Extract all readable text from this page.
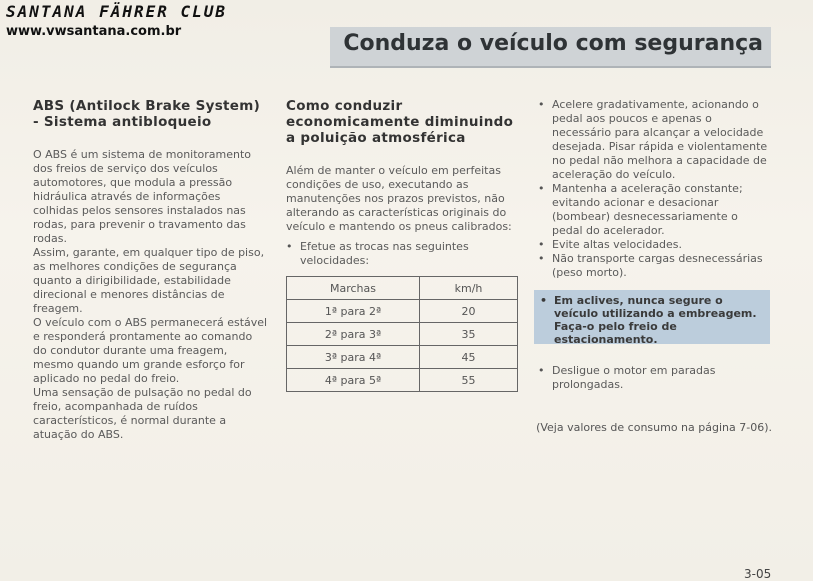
SANTANA FÄHRER CLUB
www.vwsantana.com.br	Conduza o veículo com segurança
ABS (Antilock Brake System) - Sistema antibloqueio

O ABS é um sistema de monitoramento dos freios de serviço dos veículos automotores, que modula a pressão hidráulica através de informações colhidas pelos sensores instalados nas rodas, para prevenir o travamento das rodas.

Assim, garante, em qualquer tipo de piso, as melhores condições de segurança quanto a dirigibilidade, estabilidade direcional e menores distâncias de freagem.

O veículo com o ABS permanecerá estável e responderá prontamente ao comando do condutor durante uma freagem, mesmo quando um grande esforço for aplicado no pedal do freio.

Uma sensação de pulsação no pedal do freio, acompanhada de ruídos característicos, é normal durante a atuação do ABS.

Como conduzir economicamente diminuindo a poluição atmosférica

Além de manter o veículo em perfeitas condições de uso, executando as manutenções nos prazos previstos, não alterando as características originais do veículo e mantendo os pneus calibrados:

• Efetue as trocas nas seguintes velocidades:
Marchas	km/h
1ª para 2ª	20
2ª para 3ª	35
3ª para 4ª	45
4ª para 5ª	55
• Acelere gradativamente, acionando o pedal aos poucos e apenas o necessário para alcançar a velocidade desejada. Pisar rápida e violentamente no pedal não melhora a capacidade de aceleração do veículo.
• Mantenha a aceleração constante; evitando acionar e desacionar (bombear) desnecessariamente o pedal do acelerador.
• Evite altas velocidades.
• Não transporte cargas desnecessárias (peso morto).
• Em aclives, nunca segure o veículo utilizando a embreagem. Faça-o pelo freio de estacionamento.
• Desligue o motor em paradas prolongadas.
(Veja valores de consumo na página 7-06).
3-05
